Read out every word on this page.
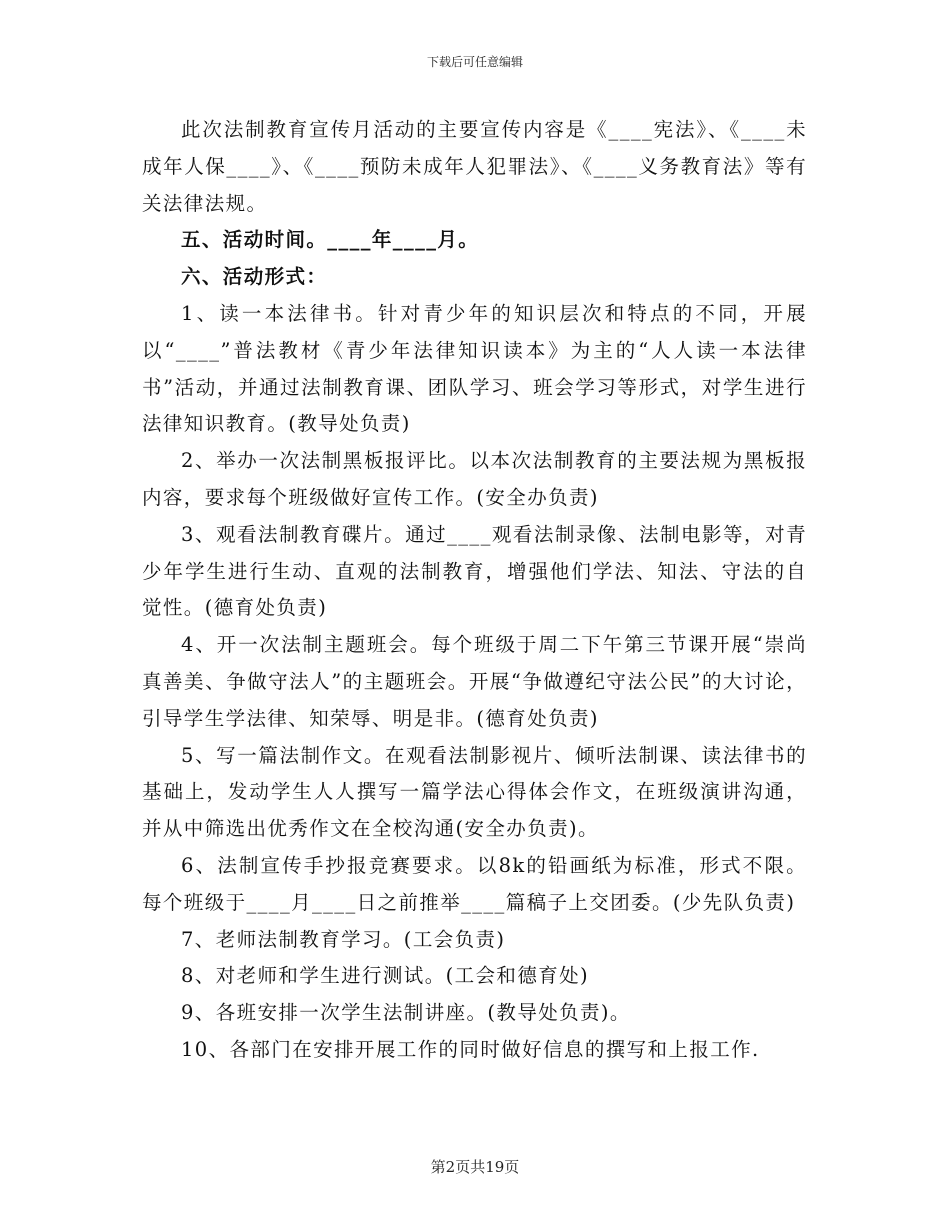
下载后可任意编辑

此次法制教育宣传月活动的主要宣传内容是《____宪法》、《____未成年人保____》、《____预防未成年人犯罪法》、《____义务教育法》等有关法律法规。

五、活动时间。____年____月。

六、活动形式：

1、读一本法律书。针对青少年的知识层次和特点的不同，开展以“____”普法教材《青少年法律知识读本》为主的“人人读一本法律书”活动，并通过法制教育课、团队学习、班会学习等形式，对学生进行法律知识教育。(教导处负责)

2、举办一次法制黑板报评比。以本次法制教育的主要法规为黑板报内容，要求每个班级做好宣传工作。(安全办负责)

3、观看法制教育碟片。通过____观看法制录像、法制电影等，对青少年学生进行生动、直观的法制教育，增强他们学法、知法、守法的自觉性。(德育处负责)

4、开一次法制主题班会。每个班级于周二下午第三节课开展“崇尚真善美、争做守法人”的主题班会。开展“争做遵纪守法公民”的大讨论，引导学生学法律、知荣辱、明是非。(德育处负责)

5、写一篇法制作文。在观看法制影视片、倾听法制课、读法律书的基础上，发动学生人人撰写一篇学法心得体会作文，在班级演讲沟通，并从中筛选出优秀作文在全校沟通(安全办负责)。

6、法制宣传手抄报竞赛要求。以8k的铅画纸为标准，形式不限。每个班级于____月____日之前推举____篇稿子上交团委。(少先队负责)

7、老师法制教育学习。(工会负责)

8、对老师和学生进行测试。(工会和德育处)

9、各班安排一次学生法制讲座。(教导处负责)。

10、各部门在安排开展工作的同时做好信息的撰写和上报工作.

第2页共19页
